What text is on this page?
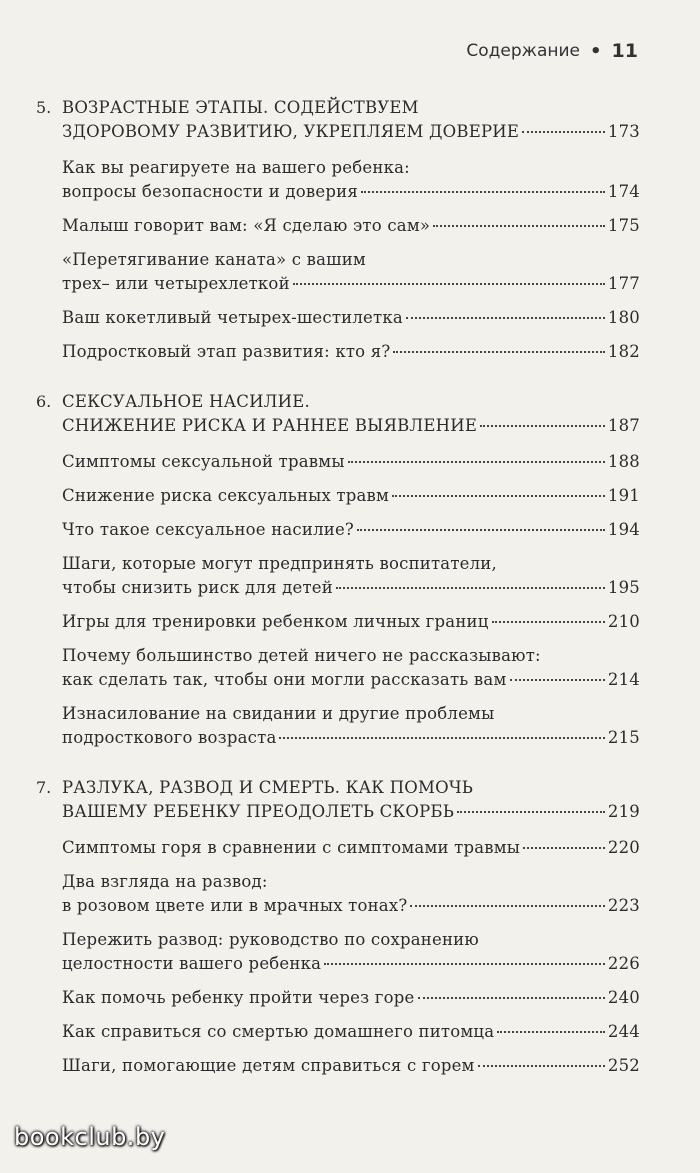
Содержание • 11
5. ВОЗРАСТНЫЕ ЭТАПЫ. СОДЕЙСТВУЕМ
ЗДОРОВОМУ РАЗВИТИЮ, УКРЕПЛЯЕМ ДОВЕРИЕ	173
Как вы реагируете на вашего ребенка:
вопросы безопасности и доверия	174
Малыш говорит вам: «Я сделаю это сам»	175
«Перетягивание каната» с вашим
трех– или четырехлеткой	177
Ваш кокетливый четырех-шестилетка	180
Подростковый этап развития: кто я?	182
6. СЕКСУАЛЬНОЕ НАСИЛИЕ.
СНИЖЕНИЕ РИСКА И РАННЕЕ ВЫЯВЛЕНИЕ	187
Симптомы сексуальной травмы	188
Снижение риска сексуальных травм	191
Что такое сексуальное насилие?	194
Шаги, которые могут предпринять воспитатели,
чтобы снизить риск для детей	195
Игры для тренировки ребенком личных границ	210
Почему большинство детей ничего не рассказывают:
как сделать так, чтобы они могли рассказать вам	214
Изнасилование на свидании и другие проблемы
подросткового возраста	215
7. РАЗЛУКА, РАЗВОД И СМЕРТЬ. КАК ПОМОЧЬ
ВАШЕМУ РЕБЕНКУ ПРЕОДОЛЕТЬ СКОРБЬ	219
Симптомы горя в сравнении с симптомами травмы	220
Два взгляда на развод:
в розовом цвете или в мрачных тонах?	223
Пережить развод: руководство по сохранению
целостности вашего ребенка	226
Как помочь ребенку пройти через горе	240
Как справиться со смертью домашнего питомца	244
Шаги, помогающие детям справиться с горем	252
bookclub.by
